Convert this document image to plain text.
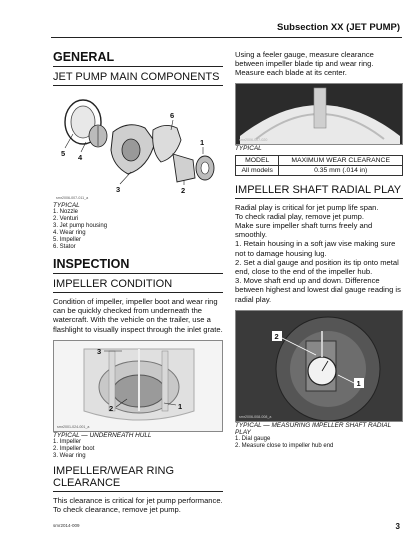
Subsection XX (JET PUMP)
GENERAL
JET PUMP MAIN COMPONENTS
1
2
3
4
5
6
smr2006-007-011_a
TYPICAL
1. Nozzle
2. Venturi
3. Jet pump housing
4. Wear ring
5. Impeller
6. Stator
INSPECTION
IMPELLER CONDITION

Condition of impeller, impeller boot and wear ring can be quickly checked from underneath the watercraft. With the vehicle on the trailer, use a flashlight to visually inspect through the inlet grate.

3
2	1
smr2001-024-001_a
TYPICAL — UNDERNEATH HULL
1. Impeller
2. Impeller boot
3. Wear ring
IMPELLER/WEAR RING
CLEARANCE

This clearance is critical for jet pump performance.

To check clearance, remove jet pump.

Using a feeler gauge, measure clearance between impeller blade tip and wear ring. Measure each blade at its center.

smr2006-007-020
TYPICAL
MODEL	MAXIMUM WEAR CLEARANCE
All models	0.35 mm (.014 in)
IMPELLER SHAFT RADIAL PLAY

Radial play is critical for jet pump life span.

To check radial play, remove jet pump.

Make sure impeller shaft turns freely and smoothly.

1. Retain housing in a soft jaw vise making sure not to damage housing lug.
2. Set a dial gauge and position its tip onto metal end, close to the end of the impeller hub.
3. Move shaft end up and down. Difference between highest and lowest dial gauge reading is radial play.
2
1
smr2006-008-008_a
TYPICAL — MEASURING IMPELLER SHAFT RADIAL PLAY
1. Dial gauge
2. Measure close to impeller hub end
smr2014-009	3
